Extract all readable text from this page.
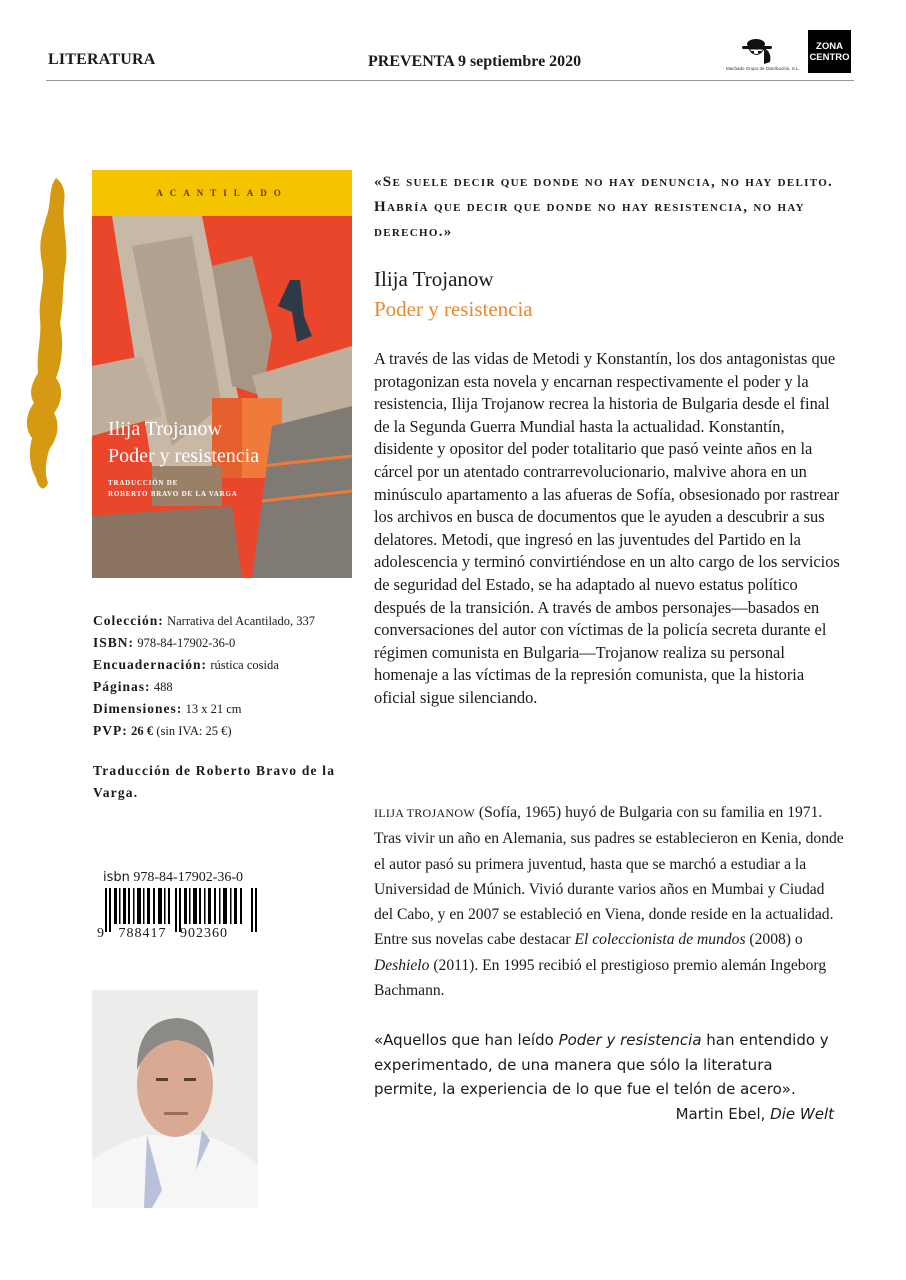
LITERATURA	PREVENTA 9 septiembre 2020	Machado Grupo de Distribución, S.L.
ZONA
CENTRO
ACANTILADO
Ilija Trojanow
Poder y resistencia
TRADUCCIÓN DE
ROBERTO BRAVO DE LA VARGA
Colección: Narrativa del Acantilado, 337
ISBN: 978-84-17902-36-0
Encuadernación: rústica cosida
Páginas: 488
Dimensiones: 13 x 21 cm
PVP: 26 € (sin IVA: 25 €)
Traducción de Roberto Bravo de la Varga.
isbn 978-84-17902-36-0
9 788417 902360
«Se suele decir que donde no hay denuncia, no hay delito. Habría que decir que donde no hay resistencia, no hay derecho.»
Ilija Trojanow
Poder y resistencia
A través de las vidas de Metodi y Konstantín, los dos antagonistas que protagonizan esta novela y encarnan respectivamente el poder y la resistencia, Ilija Trojanow recrea la historia de Bulgaria desde el final de la Segunda Guerra Mundial hasta la actualidad. Konstantín, disidente y opositor del poder totalitario que pasó veinte años en la cárcel por un atentado contrarrevolucionario, malvive ahora en un minúsculo apartamento a las afueras de Sofía, obsesionado por rastrear los archivos en busca de documentos que le ayuden a descubrir a sus delatores. Metodi, que ingresó en las juventudes del Partido en la adolescencia y terminó convirtiéndose en un alto cargo de los servicios de seguridad del Estado, se ha adaptado al nuevo estatus político después de la transición. A través de ambos personajes—basados en conversaciones del autor con víctimas de la policía secreta durante el régimen comunista en Bulgaria—Trojanow realiza su personal homenaje a las víctimas de la represión comunista, que la historia oficial sigue silenciando.
ILIJA TROJANOW (Sofía, 1965) huyó de Bulgaria con su familia en 1971. Tras vivir un año en Alemania, sus padres se establecieron en Kenia, donde el autor pasó su primera juventud, hasta que se marchó a estudiar a la Universidad de Múnich. Vivió durante varios años en Mumbai y Ciudad del Cabo, y en 2007 se estableció en Viena, donde reside en la actualidad. Entre sus novelas cabe destacar El coleccionista de mundos (2008) o Deshielo (2011). En 1995 recibió el prestigioso premio alemán Ingeborg Bachmann.
«Aquellos que han leído Poder y resistencia han entendido y experimentado, de una manera que sólo la literatura permite, la experiencia de lo que fue el telón de acero».
Martin Ebel, Die Welt
